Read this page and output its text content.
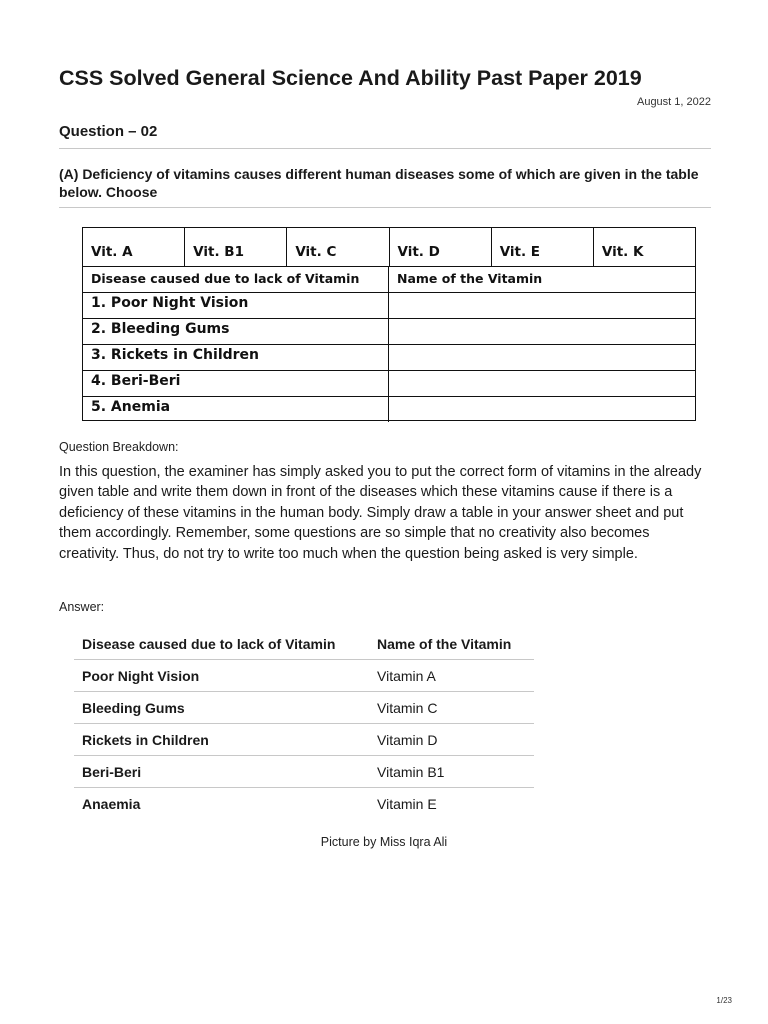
CSS Solved General Science And Ability Past Paper 2019
August 1, 2022
Question – 02

(A) Deficiency of vitamins causes different human diseases some of which are given in the table below. Choose

Vit. A	Vit. B1	Vit. C	Vit. D	Vit. E	Vit. K
Disease caused due to lack of Vitamin	Name of the Vitamin
1. Poor Night Vision
2. Bleeding Gums
3. Rickets in Children
4. Beri-Beri
5. Anemia
Question Breakdown:

In this question, the examiner has simply asked you to put the correct form of vitamins in the already given table and write them down in front of the diseases which these vitamins cause if there is a deficiency of these vitamins in the human body. Simply draw a table in your answer sheet and put them accordingly. Remember, some questions are so simple that no creativity also becomes creativity. Thus, do not try to write too much when the question being asked is very simple.

Answer:
Disease caused due to lack of Vitamin	Name of the Vitamin
Poor Night Vision	Vitamin A
Bleeding Gums	Vitamin C
Rickets in Children	Vitamin D
Beri-Beri	Vitamin B1
Anaemia	Vitamin E
Picture by Miss Iqra Ali
1/23
